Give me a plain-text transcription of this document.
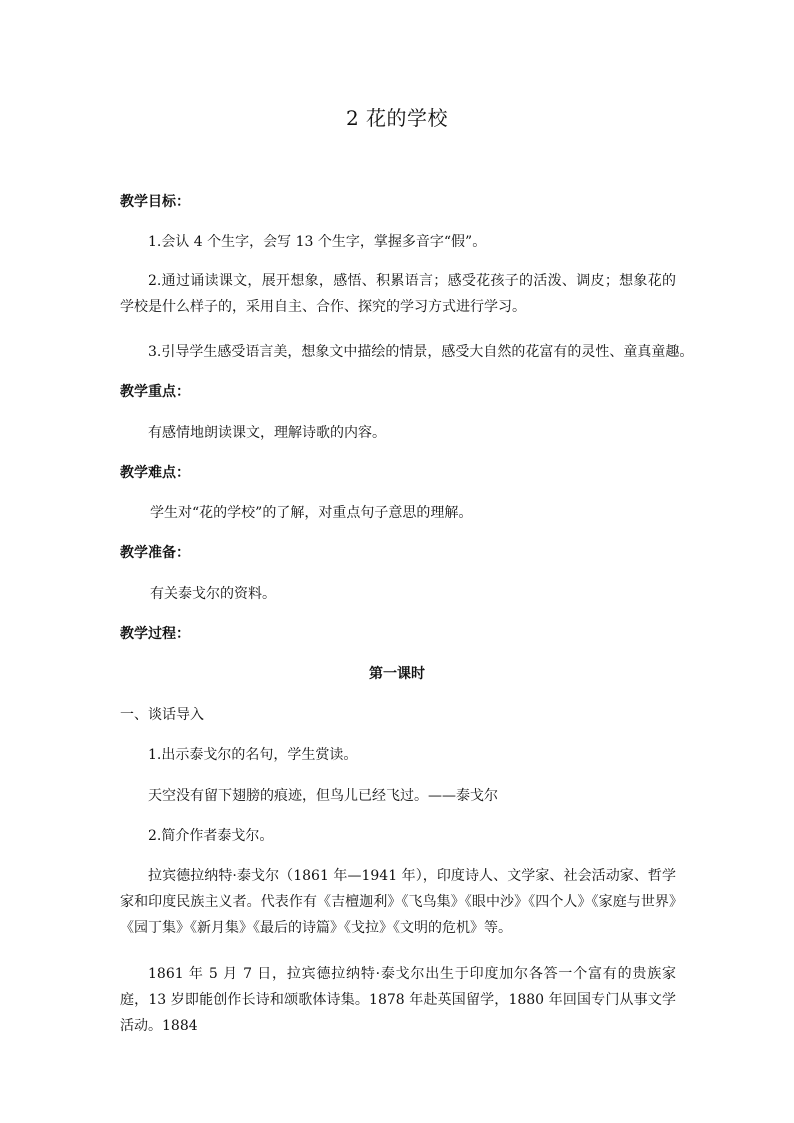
2 花的学校
教学目标：
1.会认 4 个生字，会写 13 个生字，掌握多音字“假”。
2.通过诵读课文，展开想象，感悟、积累语言；感受花孩子的活泼、调皮；想象花的学校是什么样子的，采用自主、合作、探究的学习方式进行学习。
3.引导学生感受语言美，想象文中描绘的情景，感受大自然的花富有的灵性、童真童趣。
教学重点：
有感情地朗读课文，理解诗歌的内容。
教学难点：
学生对“花的学校”的了解，对重点句子意思的理解。
教学准备：
有关泰戈尔的资料。
教学过程：
第一课时
一、谈话导入
1.出示泰戈尔的名句，学生赏读。
天空没有留下翅膀的痕迹，但鸟儿已经飞过。——泰戈尔
2.简介作者泰戈尔。
拉宾德拉纳特·泰戈尔（1861 年—1941 年），印度诗人、文学家、社会活动家、哲学家和印度民族主义者。代表作有《吉檀迦利》《飞鸟集》《眼中沙》《四个人》《家庭与世界》《园丁集》《新月集》《最后的诗篇》《戈拉》《文明的危机》等。
1861 年 5 月 7 日，拉宾德拉纳特·泰戈尔出生于印度加尔各答一个富有的贵族家庭，13 岁即能创作长诗和颂歌体诗集。1878 年赴英国留学，1880 年回国专门从事文学活动。1884
